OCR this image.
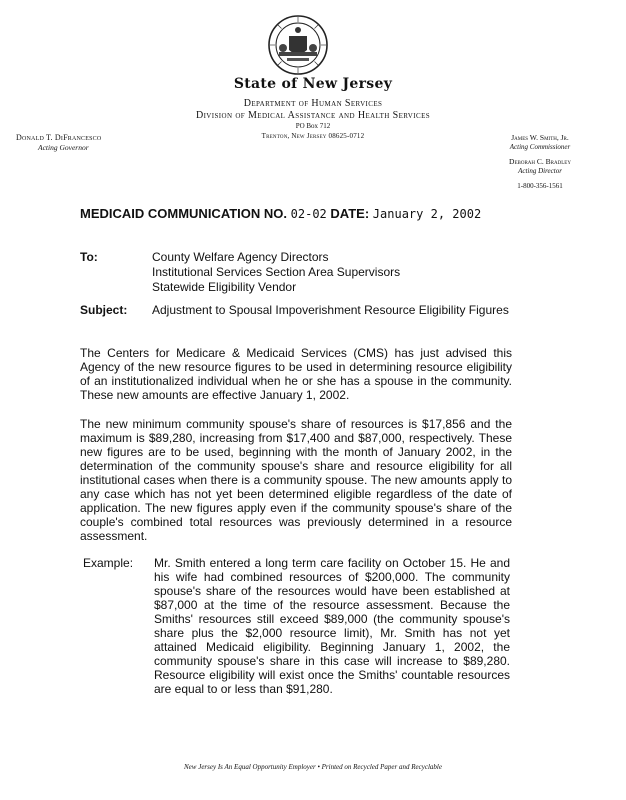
State of New Jersey
Department of Human Services
Division of Medical Assistance and Health Services
PO Box 712
Trenton, New Jersey 08625-0712
Donald T. DiFrancesco
Acting Governor
James W. Smith, Jr.
Acting Commissioner
Deborah C. Bradley
Acting Director
1-800-356-1561
MEDICAID COMMUNICATION NO. 02-02 DATE: January 2, 2002
To:	County Welfare Agency Directors
Institutional Services Section Area Supervisors
Statewide Eligibility Vendor
Subject: Adjustment to Spousal Impoverishment Resource Eligibility Figures
The Centers for Medicare & Medicaid Services (CMS) has just advised this Agency of the new resource figures to be used in determining resource eligibility of an institutionalized individual when he or she has a spouse in the community. These new amounts are effective January 1, 2002.
The new minimum community spouse's share of resources is $17,856 and the maximum is $89,280, increasing from $17,400 and $87,000, respectively. These new figures are to be used, beginning with the month of January 2002, in the determination of the community spouse's share and resource eligibility for all institutional cases when there is a community spouse. The new amounts apply to any case which has not yet been determined eligible regardless of the date of application. The new figures apply even if the community spouse's share of the couple's combined total resources was previously determined in a resource assessment.
Example: Mr. Smith entered a long term care facility on October 15. He and his wife had combined resources of $200,000. The community spouse's share of the resources would have been established at $87,000 at the time of the resource assessment. Because the Smiths' resources still exceed $89,000 (the community spouse's share plus the $2,000 resource limit), Mr. Smith has not yet attained Medicaid eligibility. Beginning January 1, 2002, the community spouse's share in this case will increase to $89,280. Resource eligibility will exist once the Smiths' countable resources are equal to or less than $91,280.
New Jersey Is An Equal Opportunity Employer • Printed on Recycled Paper and Recyclable
